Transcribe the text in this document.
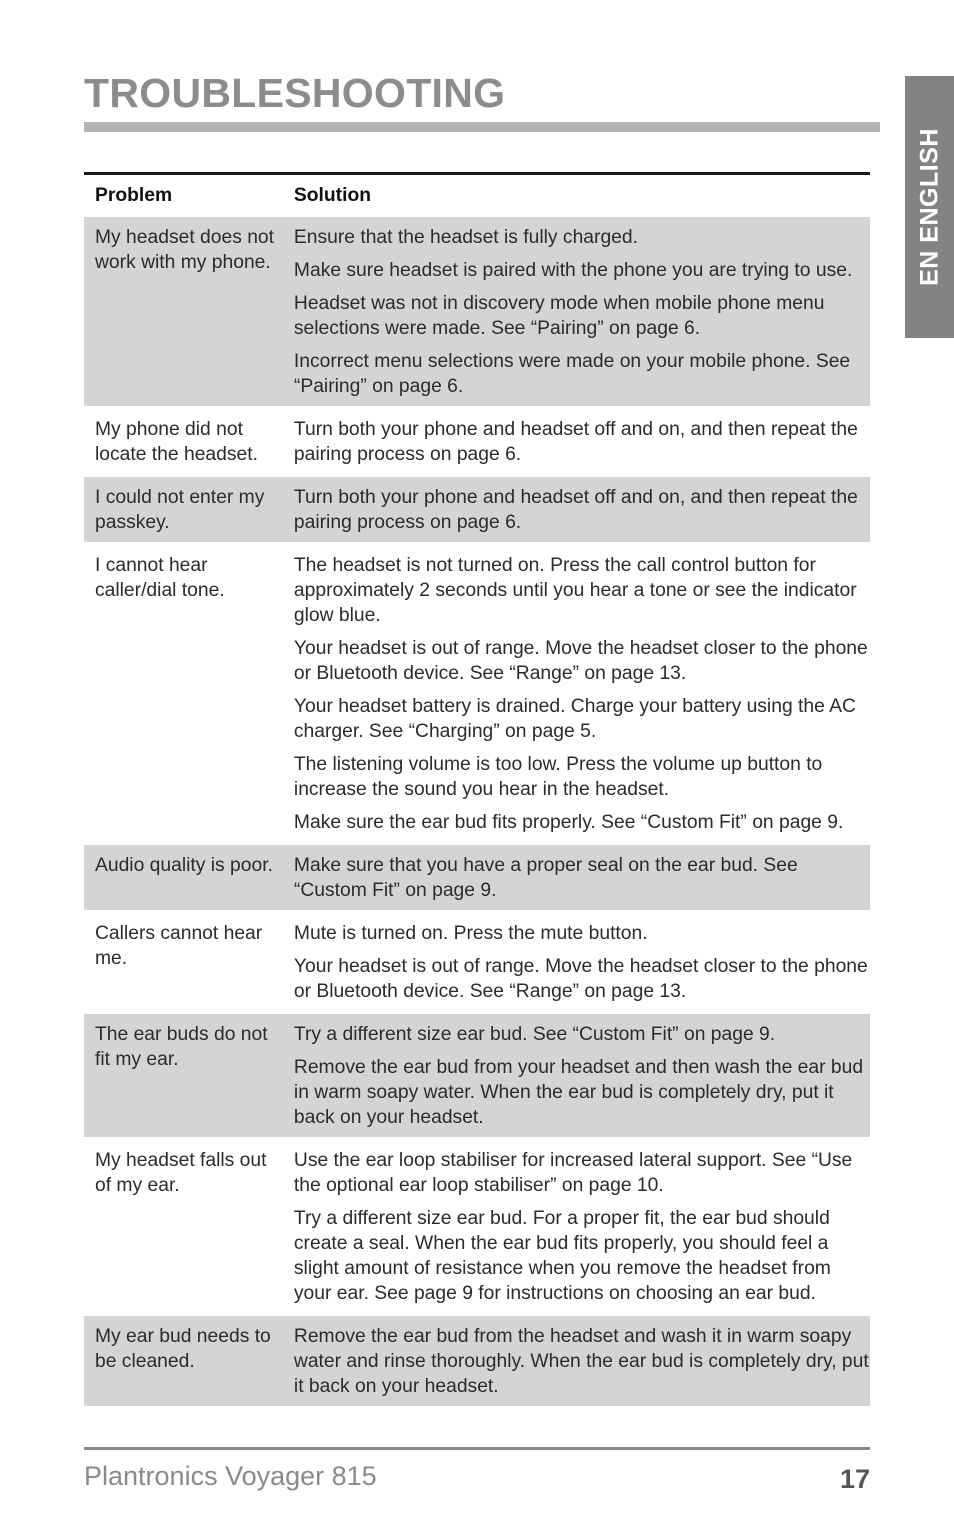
TROUBLESHOOTING
EN ENGLISH
Problem	Solution
My headset does not work with my phone.	Ensure that the headset is fully charged.
Make sure headset is paired with the phone you are trying to use.
Headset was not in discovery mode when mobile phone menu selections were made. See “Pairing” on page 6.
Incorrect menu selections were made on your mobile phone. See “Pairing” on page 6.

My phone did not locate the headset.	Turn both your phone and headset off and on, and then repeat the pairing process on page 6.

I could not enter my passkey.	Turn both your phone and headset off and on, and then repeat the pairing process on page 6.

I cannot hear caller/dial tone.	The headset is not turned on. Press the call control button for approximately 2 seconds until you hear a tone or see the indicator glow blue.
Your headset is out of range. Move the headset closer to the phone or Bluetooth device. See “Range” on page 13.
Your headset battery is drained. Charge your battery using the AC charger. See “Charging” on page 5.
The listening volume is too low. Press the volume up button to increase the sound you hear in the headset.
Make sure the ear bud fits properly. See “Custom Fit” on page 9.

Audio quality is poor.	Make sure that you have a proper seal on the ear bud. See “Custom Fit” on page 9.

Callers cannot hear me.	Mute is turned on. Press the mute button.
Your headset is out of range. Move the headset closer to the phone or Bluetooth device. See “Range” on page 13.

The ear buds do not fit my ear.	Try a different size ear bud. See “Custom Fit” on page 9.
Remove the ear bud from your headset and then wash the ear bud in warm soapy water. When the ear bud is completely dry, put it back on your headset.

My headset falls out of my ear.	Use the ear loop stabiliser for increased lateral support. See “Use the optional ear loop stabiliser” on page 10.
Try a different size ear bud. For a proper fit, the ear bud should create a seal. When the ear bud fits properly, you should feel a slight amount of resistance when you remove the headset from your ear. See page 9 for instructions on choosing an ear bud.

My ear bud needs to be cleaned.	Remove the ear bud from the headset and wash it in warm soapy water and rinse thoroughly. When the ear bud is completely dry, put it back on your headset.
Plantronics Voyager 815	17
